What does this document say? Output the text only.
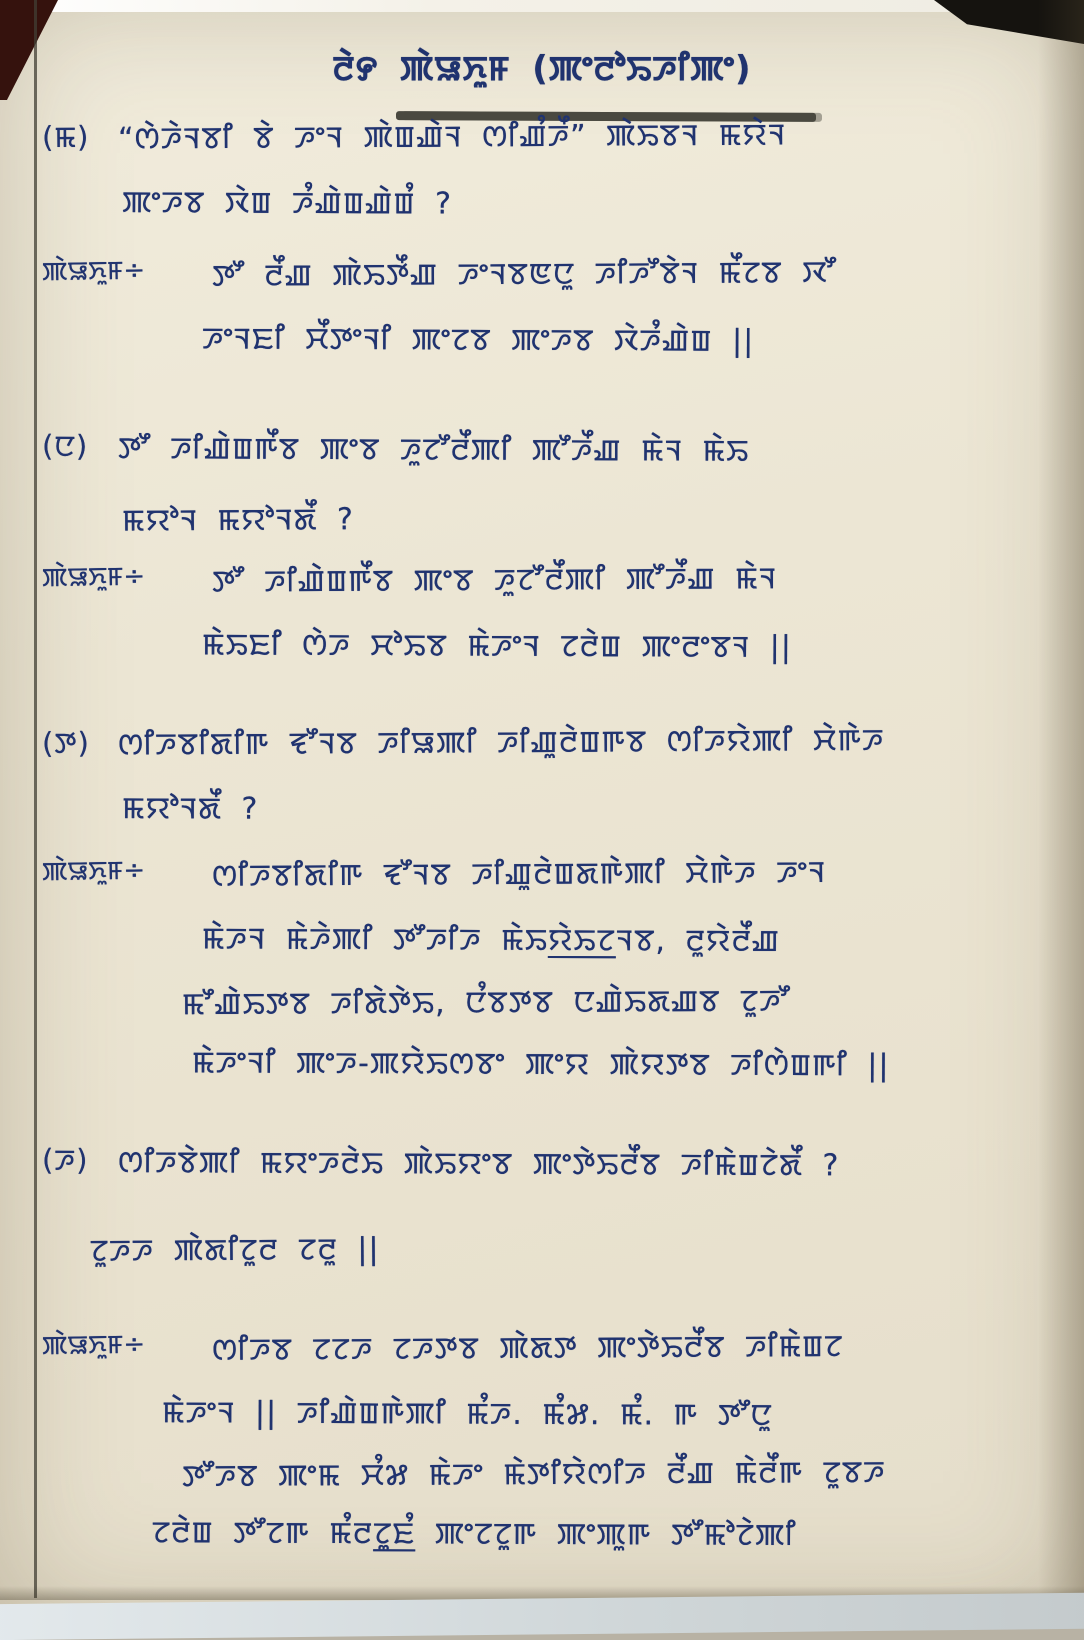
ꯂꯥ꯸ ꯄꯥꯎꯈꯨꯝ (ꯄꯦꯂꯣꯢꯍꯤꯄꯦ)
(ꯃ) “ꯁꯥꯍꯥꯜꯕꯤ ꯕꯥ ꯍꯦꯜ ꯄꯥꯡꯉꯥꯜ ꯁꯤꯉꯪꯍꯩ” ꯄꯥꯢꯕꯜ ꯃꯌꯥꯜ
ꯄꯦꯍꯕ ꯋꯥꯡ ꯍꯪꯉꯥꯡꯉꯥꯡꯪ ?
ꯄꯥꯎꯈꯨꯝ÷	ꯇꯧ ꯂꯩꯉ ꯄꯥꯢꯇꯩꯉ ꯍꯦꯜꯕꯟꯅꯨ ꯍꯤꯍꯧꯕꯥꯜ ꯃꯩꯖꯕ ꯋꯧ
ꯍꯦꯜꯐꯤ ꯆꯩꯇꯦꯜꯤ ꯄꯦꯖꯕ ꯄꯦꯍꯕ ꯋꯥꯍꯪꯉꯥꯡ ||
(ꯅ) ꯇꯧ ꯍꯤꯉꯥꯡꯒꯩꯕ ꯄꯦꯕ ꯍꯨꯖꯧꯂꯩꯄꯤ ꯄꯧꯍꯩꯉ ꯃꯥꯜ ꯃꯥꯢ
ꯃꯌꯣꯜ ꯃꯌꯣꯜꯗꯩ ?
ꯄꯥꯎꯈꯨꯝ÷	ꯇꯧ ꯍꯤꯉꯥꯡꯒꯩꯕ ꯄꯦꯕ ꯍꯨꯖꯧꯂꯩꯄꯤ ꯄꯧꯍꯩꯉ ꯃꯥꯜ
ꯃꯥꯢꯐꯤ ꯁꯥꯍ ꯆꯣꯢꯕ ꯃꯥꯍꯦꯜ ꯖꯂꯥꯡ ꯄꯦꯂꯦꯕꯜ ||
(ꯇ) ꯁꯤꯍꯕꯤꯗꯤꯒ ꯓꯧꯜꯕ ꯍꯤꯎꯄꯤ ꯍꯤꯉꯨꯂꯥꯡꯒꯕ ꯁꯤꯍꯌꯥꯄꯤ ꯆꯥꯒꯥꯍ
ꯃꯌꯣꯜꯗꯩ ?
ꯄꯥꯎꯈꯨꯝ÷	ꯁꯤꯍꯕꯤꯗꯤꯒ ꯓꯧꯜꯕ ꯍꯤꯉꯨꯂꯥꯡꯗꯒꯥꯄꯤ ꯆꯥꯒꯥꯍ ꯍꯦꯜ
ꯃꯥꯍꯜ ꯃꯥꯍꯥꯄꯤ ꯇꯧꯍꯤꯍ ꯃꯥꯢꯌꯥꯢꯖꯜꯕ, ꯂꯨꯌꯥꯂꯩꯉ
ꯃꯧꯉꯥꯢꯇꯕ ꯍꯤꯗꯥꯇꯥꯢ, ꯅꯪꯕꯇꯕ ꯅꯉꯥꯢꯗꯉꯕ ꯖꯨꯍꯧ
ꯃꯥꯍꯦꯜꯤ ꯄꯦꯍ-ꯄꯌꯥꯢꯁꯕꯦ ꯄꯦꯌ ꯄꯥꯌꯇꯕ ꯍꯤꯁꯥꯡꯒꯤ ||
(ꯍ) ꯁꯤꯍꯕꯥꯄꯤ ꯃꯌꯦꯍꯂꯥꯢ ꯄꯥꯢꯌꯦꯕ ꯄꯦꯇꯥꯢꯂꯩꯕ ꯍꯤꯃꯥꯡꯖꯥꯗꯩ ?
ꯖꯨꯍꯍ ꯄꯥꯗꯤꯖꯨꯂ ꯖꯂꯨ ||
ꯄꯥꯎꯈꯨꯝ÷	ꯁꯤꯍꯕ ꯖꯖꯍ ꯖꯍꯇꯕ ꯄꯥꯗꯇ ꯄꯦꯇꯥꯢꯂꯩꯕ ꯍꯤꯃꯥꯡꯖ
ꯃꯥꯍꯦꯜ || ꯍꯤꯉꯥꯡꯒꯥꯄꯤ ꯃꯪꯍ. ꯃꯪ꯷. ꯃꯪ. ꯒ ꯇꯧꯅꯨ
ꯇꯧꯍꯕ ꯄꯦꯃ ꯆꯪ꯷ ꯃꯥꯍꯦ ꯃꯥꯇꯤꯌꯥꯁꯤꯍ ꯂꯩꯉ ꯃꯥꯂꯩꯒ ꯖꯨꯕꯍ
ꯖꯂꯥꯡ ꯇꯧꯖꯒ ꯃꯪꯂꯖꯨꯐꯪ ꯄꯦꯖꯖꯨꯒ ꯄꯦꯄꯨꯒ ꯇꯧꯃꯣꯖꯥꯄꯤ
